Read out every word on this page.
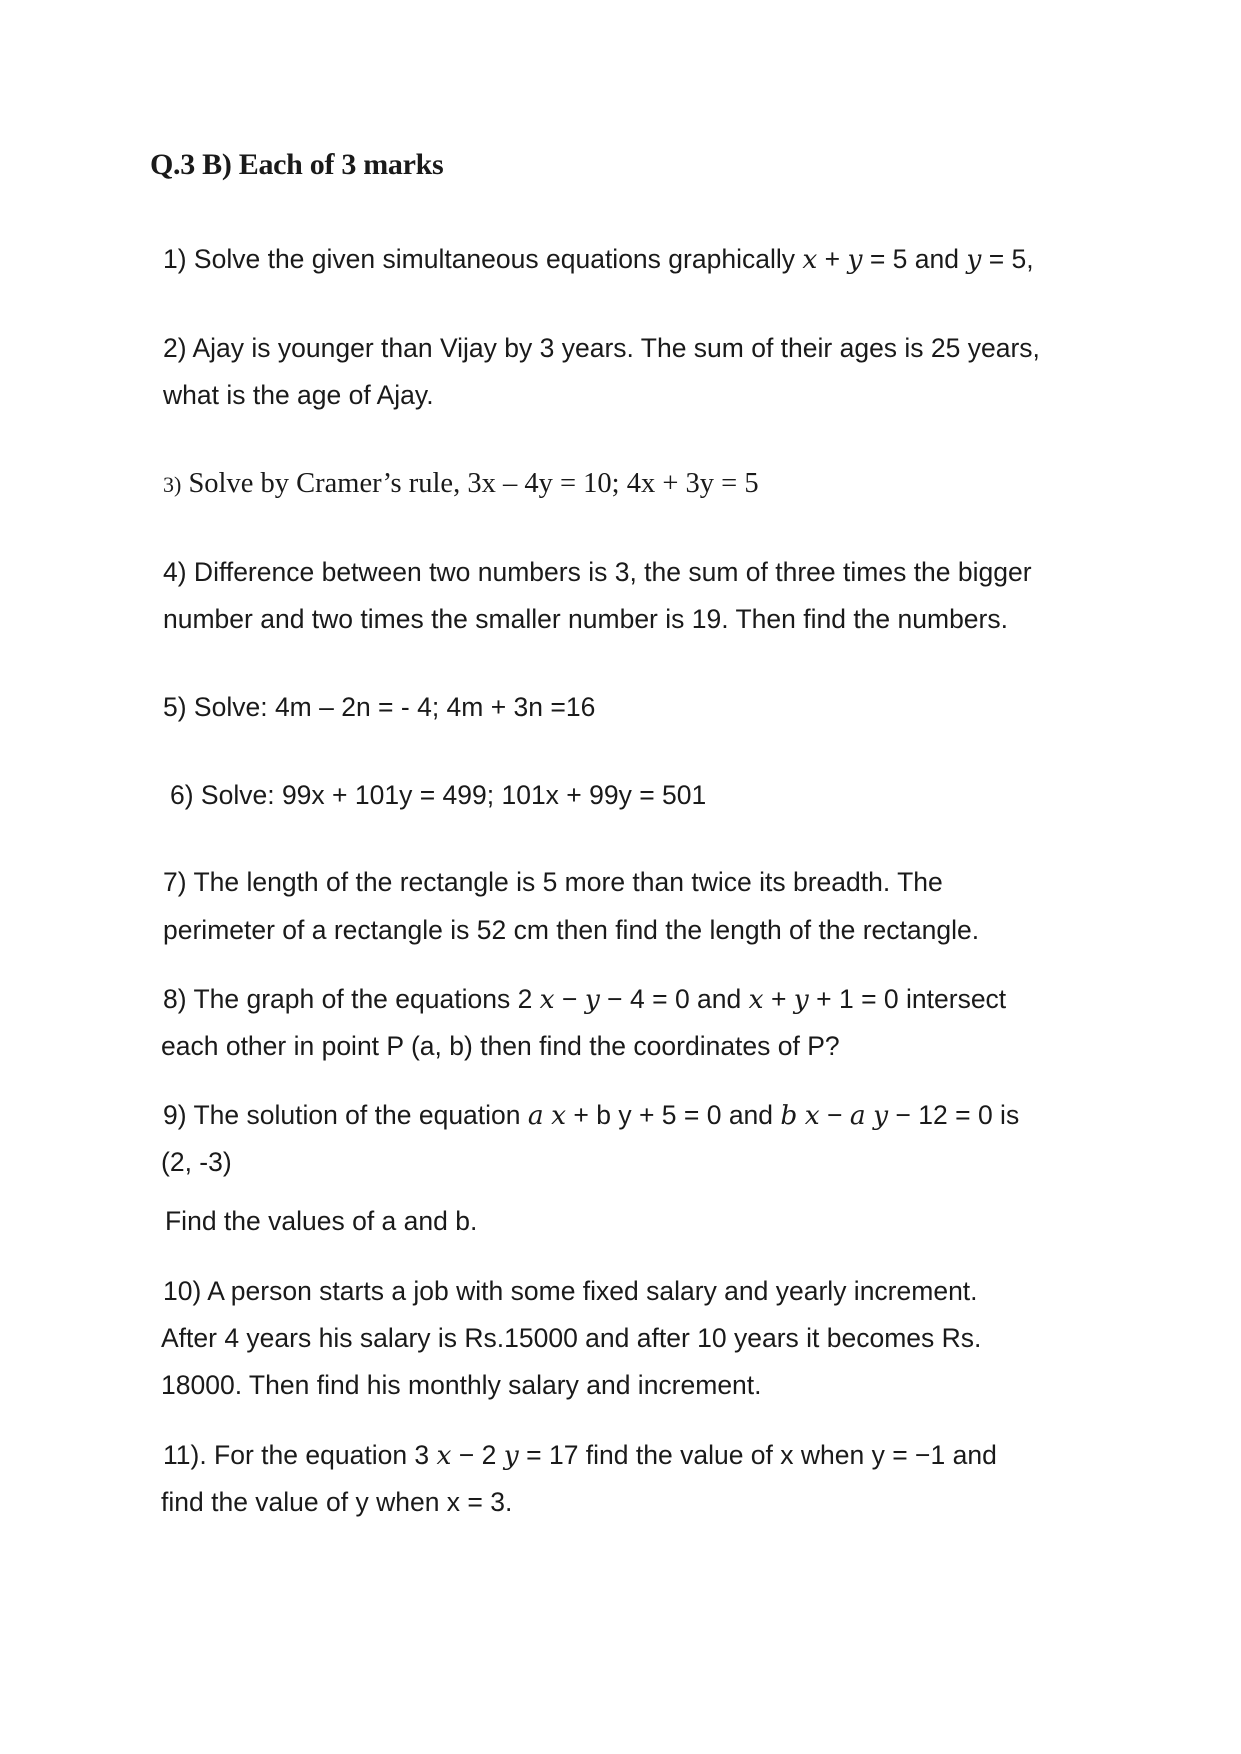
Q.3 B) Each of 3 marks
1) Solve the given simultaneous equations graphically x + y = 5 and y = 5,
2) Ajay is younger than Vijay by 3 years. The sum of their ages is 25 years,
what is the age of Ajay.
3) Solve by Cramer’s rule, 3x – 4y = 10; 4x + 3y = 5
4) Difference between two numbers is 3, the sum of three times the bigger
number and two times the smaller number is 19. Then find the numbers.
5) Solve: 4m – 2n = - 4; 4m + 3n =16
6) Solve: 99x + 101y = 499; 101x + 99y = 501
7) The length of the rectangle is 5 more than twice its breadth. The
perimeter of a rectangle is 52 cm then find the length of the rectangle.
8) The graph of the equations 2 x − y − 4 = 0 and x + y + 1 = 0 intersect
each other in point P (a, b) then find the coordinates of P?
9) The solution of the equation a x + b y + 5 = 0 and b x − a y − 12 = 0 is
(2, -3)
Find the values of a and b.
10) A person starts a job with some fixed salary and yearly increment.
After 4 years his salary is Rs.15000 and after 10 years it becomes Rs.
18000. Then find his monthly salary and increment.
11). For the equation 3 x − 2 y = 17 find the value of x when y = −1 and
find the value of y when x = 3.
